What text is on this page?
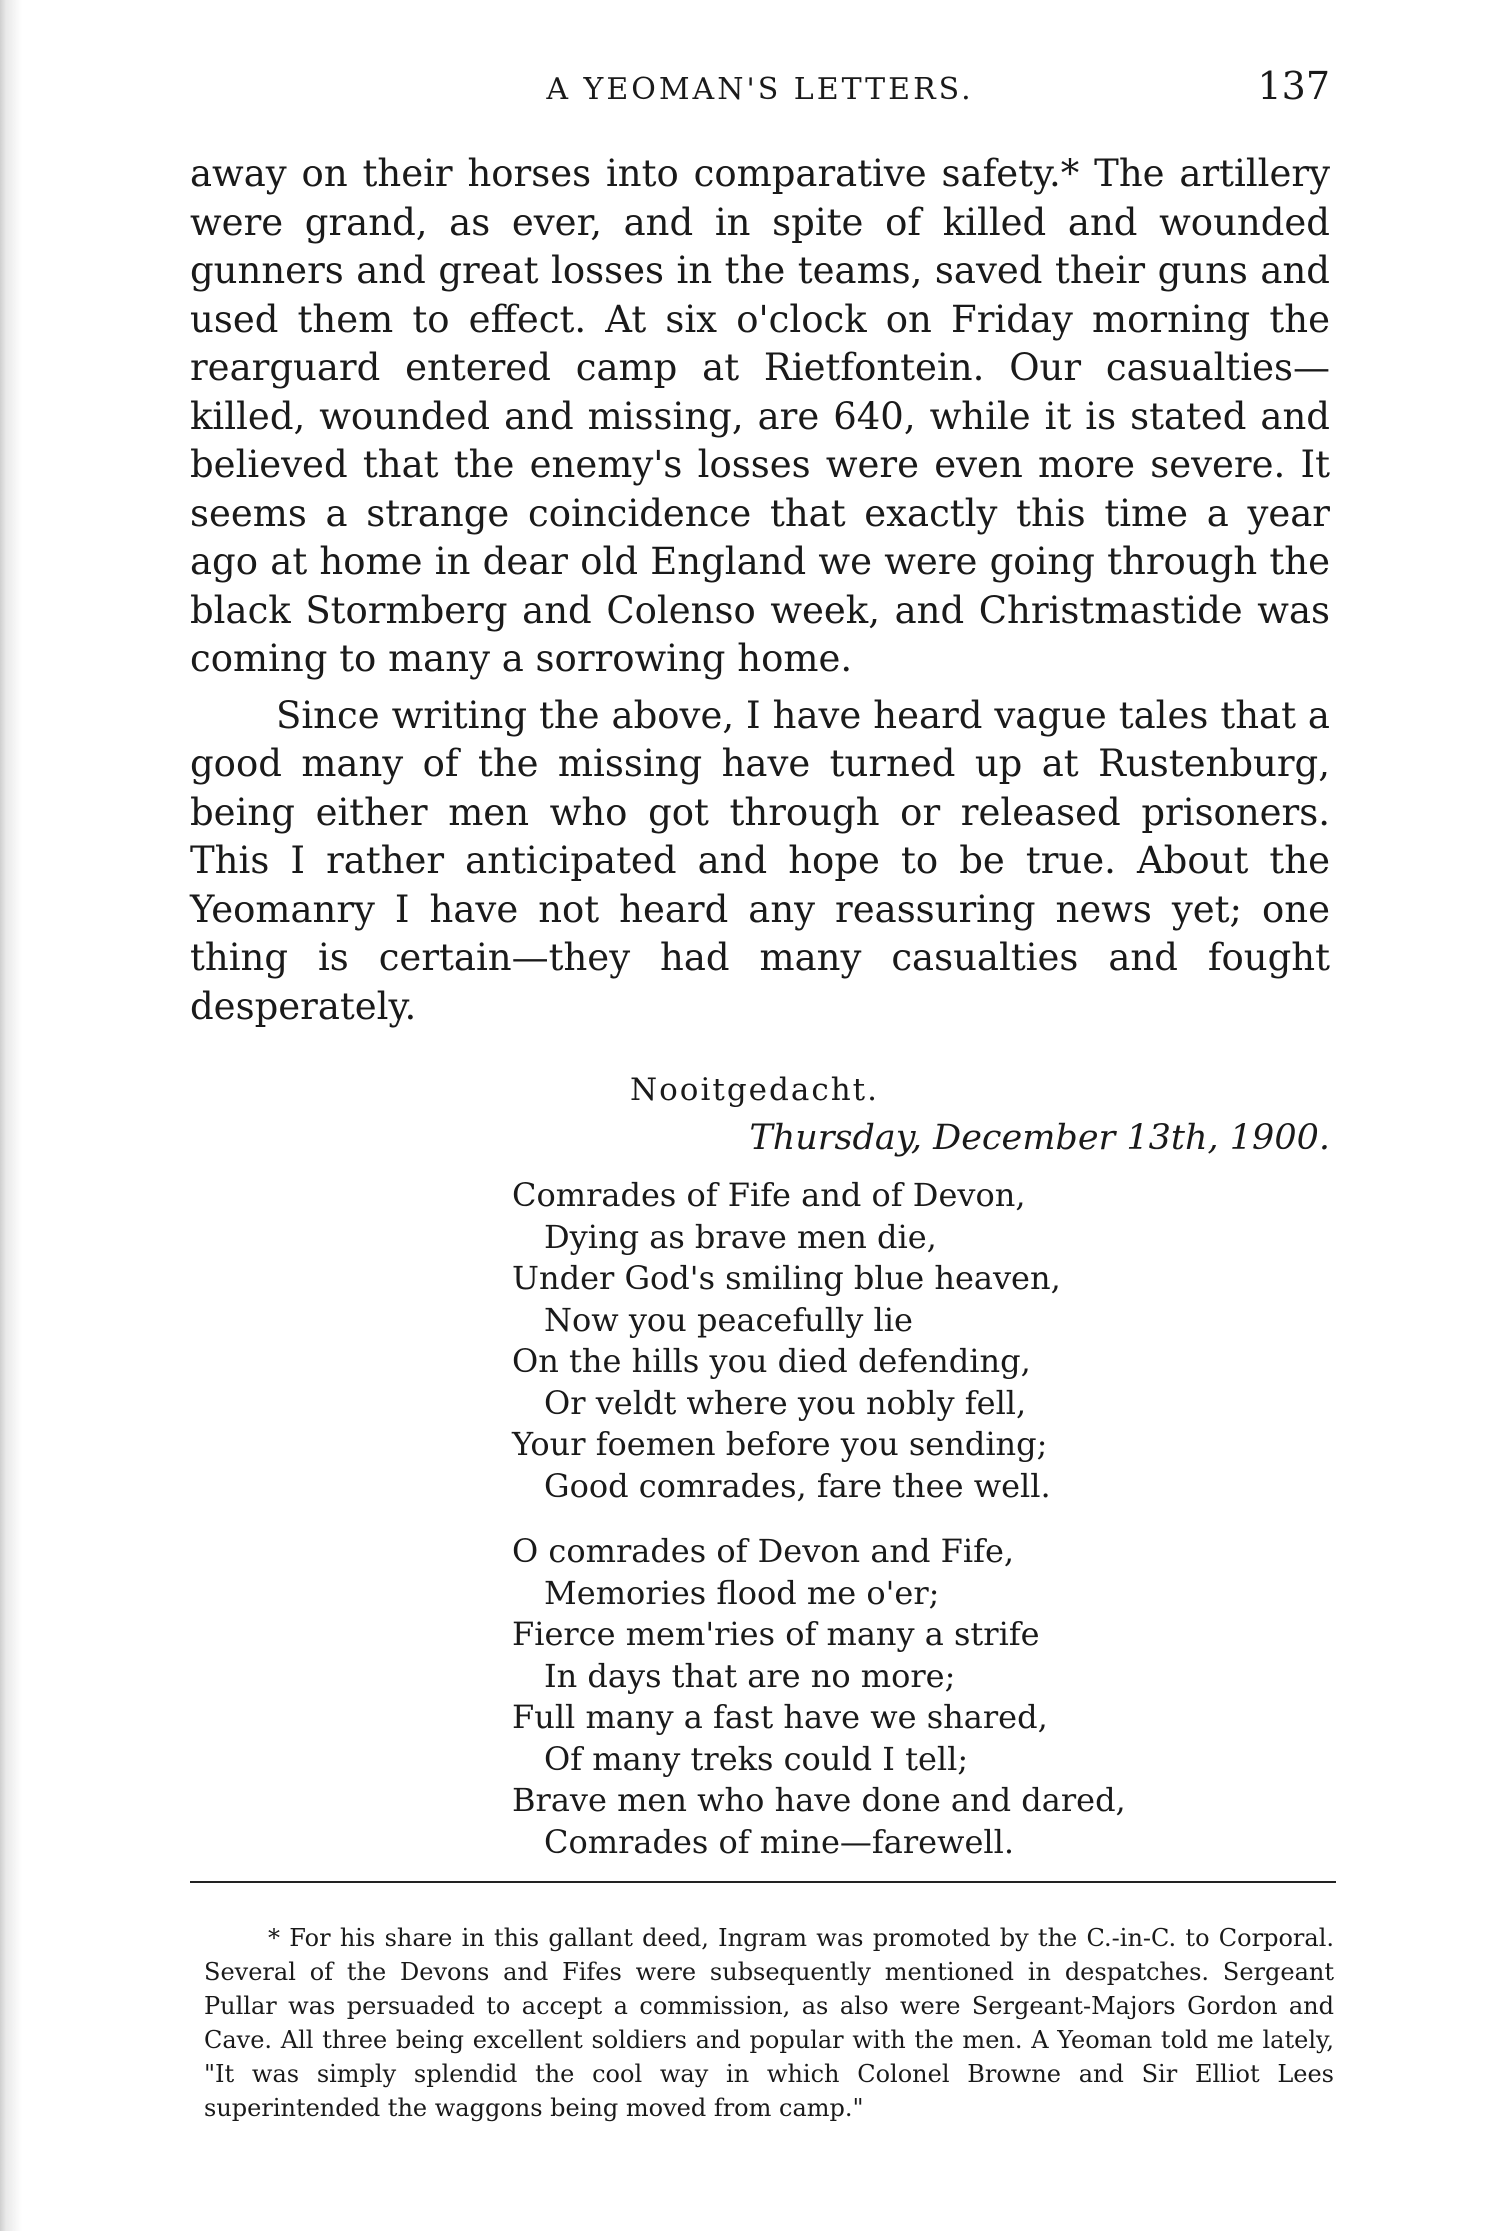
A YEOMAN'S LETTERS.	137

away on their horses into comparative safety.* The artillery were grand, as ever, and in spite of killed and wounded gunners and great losses in the teams, saved their guns and used them to effect. At six o'clock on Friday morning the rearguard entered camp at Rietfontein. Our casualties—killed, wounded and missing, are 640, while it is stated and believed that the enemy's losses were even more severe. It seems a strange coincidence that exactly this time a year ago at home in dear old England we were going through the black Stormberg and Colenso week, and Christmastide was coming to many a sorrowing home.

Since writing the above, I have heard vague tales that a good many of the missing have turned up at Rustenburg, being either men who got through or released prisoners. This I rather anticipated and hope to be true. About the Yeomanry I have not heard any reassuring news yet; one thing is certain—they had many casualties and fought desperately.

Nooitgedacht.
Thursday, December 13th, 1900.
Comrades of Fife and of Devon,
Dying as brave men die,
Under God's smiling blue heaven,
Now you peacefully lie
On the hills you died defending,
Or veldt where you nobly fell,
Your foemen before you sending;
Good comrades, fare thee well.
O comrades of Devon and Fife,
Memories flood me o'er;
Fierce mem'ries of many a strife
In days that are no more;
Full many a fast have we shared,
Of many treks could I tell;
Brave men who have done and dared,
Comrades of mine—farewell.

* For his share in this gallant deed, Ingram was promoted by the C.-in-C. to Corporal. Several of the Devons and Fifes were subsequently mentioned in despatches. Sergeant Pullar was persuaded to accept a commission, as also were Sergeant-Majors Gordon and Cave. All three being excellent soldiers and popular with the men. A Yeoman told me lately, "It was simply splendid the cool way in which Colonel Browne and Sir Elliot Lees superintended the waggons being moved from camp."
